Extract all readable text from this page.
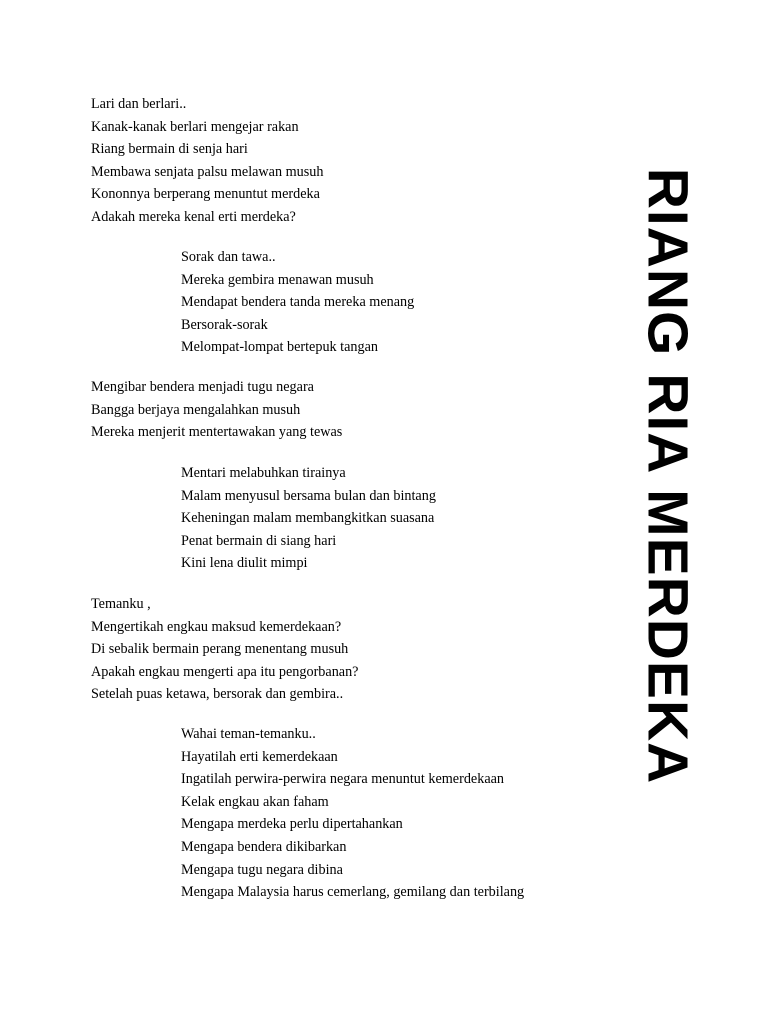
Lari dan berlari..
Kanak-kanak berlari mengejar rakan
Riang bermain di senja hari
Membawa senjata palsu melawan musuh
Kononnya berperang menuntut merdeka
Adakah mereka kenal erti merdeka?
Sorak dan tawa..
Mereka gembira menawan musuh
Mendapat bendera tanda mereka menang
Bersorak-sorak
Melompat-lompat bertepuk tangan
Mengibar bendera menjadi tugu negara
Bangga berjaya mengalahkan musuh
Mereka menjerit mentertawakan yang tewas
Mentari melabuhkan tirainya
Malam menyusul bersama bulan dan bintang
Keheningan malam membangkitkan suasana
Penat bermain di siang hari
Kini lena diulit mimpi
Temanku ,
Mengertikah engkau maksud kemerdekaan?
Di sebalik bermain perang menentang musuh
Apakah engkau mengerti apa itu pengorbanan?
Setelah puas ketawa, bersorak dan gembira..
Wahai teman-temanku..
Hayatilah erti kemerdekaan
Ingatilah perwira-perwira negara menuntut kemerdekaan
Kelak engkau akan faham
Mengapa merdeka perlu dipertahankan
Mengapa bendera dikibarkan
Mengapa tugu negara dibina
Mengapa Malaysia harus cemerlang, gemilang dan terbilang
RIANG RIA MERDEKA
